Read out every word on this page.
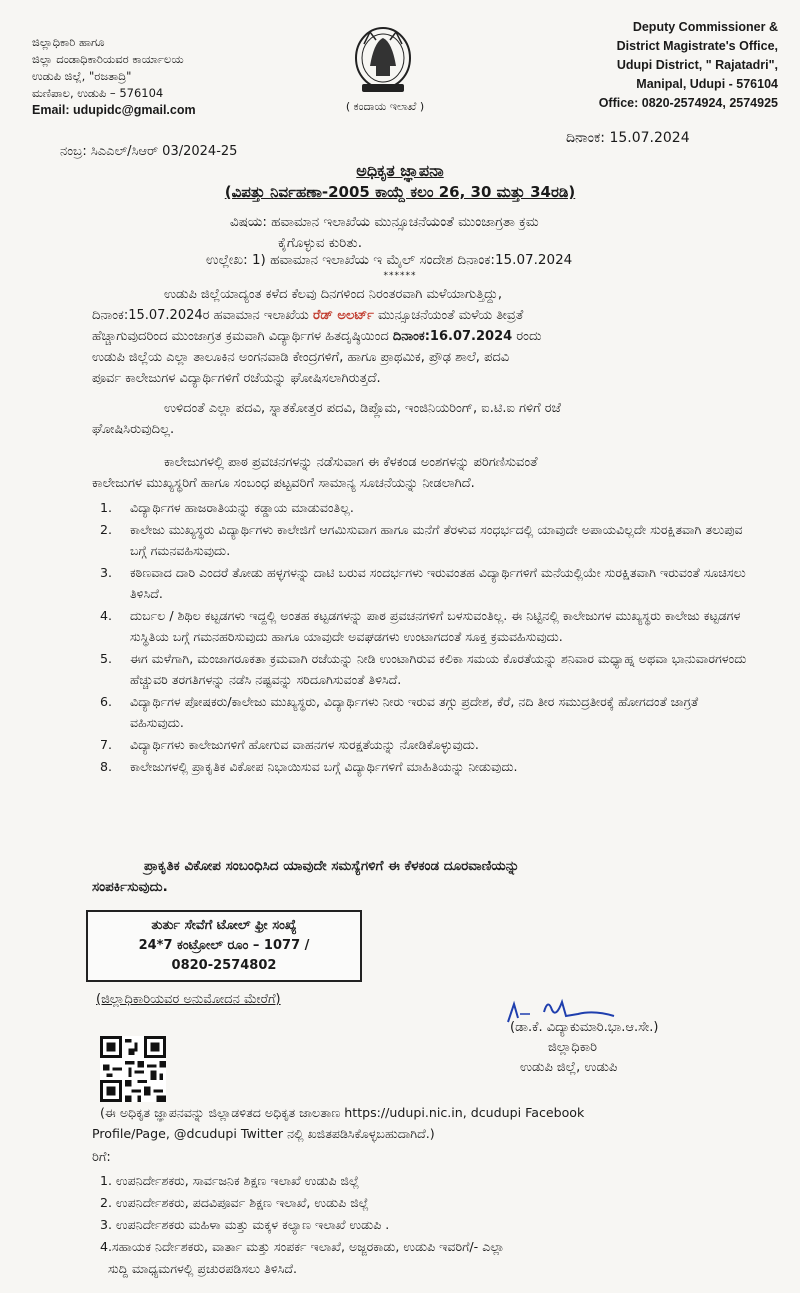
ಜಿಲ್ಲಾಧಿಕಾರಿ ಹಾಗೂ
ಜಿಲ್ಲಾ ದಂಡಾಧಿಕಾರಿಯವರ ಕಾರ್ಯಾಲಯ
ಉಡುಪಿ ಜಿಲ್ಲೆ, "ರಜತಾದ್ರಿ"
ಮಣಿಪಾಲ, ಉಡುಪಿ – 576104
Email: udupidc@gmail.com	( ಕಂದಾಯ ಇಲಾಖೆ )
Deputy Commissioner &
District Magistrate's Office,
Udupi District, " Rajatadri",
Manipal, Udupi - 576104
Office: 0820-2574924, 2574925
ದಿನಾಂಕ: 15.07.2024
ನಂಬ್ರ: ಸಿಎಎಲ್/ಸಿಆರ್ 03/2024-25
ಅಧಿಕೃತ ಜ್ಞಾಪನಾ
(ವಿಪತ್ತು ನಿರ್ವಹಣಾ-2005 ಕಾಯ್ದೆ ಕಲಂ 26, 30 ಮತ್ತು 34ರಡಿ)
ವಿಷಯ: ಹವಾಮಾನ ಇಲಾಖೆಯ ಮುನ್ಸೂಚನೆಯಂತೆ ಮುಂಜಾಗ್ರತಾ ಕ್ರಮ
ಕೈಗೊಳ್ಳುವ ಕುರಿತು.
ಉಲ್ಲೇಖ: 1) ಹವಾಮಾನ ಇಲಾಖೆಯ ಇ ಮೈಲ್ ಸಂದೇಶ ದಿನಾಂಕ:15.07.2024
******
ಉಡುಪಿ ಜಿಲ್ಲೆಯಾದ್ಯಂತ ಕಳೆದ ಕೆಲವು ದಿನಗಳಿಂದ ನಿರಂತರವಾಗಿ ಮಳೆಯಾಗುತ್ತಿದ್ದು,
ದಿನಾಂಕ:15.07.2024ರ ಹವಾಮಾನ ಇಲಾಖೆಯ ರೆಡ್ ಅಲರ್ಟ್ ಮುನ್ಸೂಚನೆಯಂತೆ ಮಳೆಯ ತೀವ್ರತೆ
ಹೆಚ್ಚಾಗುವುದರಿಂದ ಮುಂಜಾಗ್ರತ ಕ್ರಮವಾಗಿ ವಿದ್ಯಾರ್ಥಿಗಳ ಹಿತದೃಷ್ಠಿಯಿಂದ ದಿನಾಂಕ:16.07.2024 ರಂದು
ಉಡುಪಿ ಜಿಲ್ಲೆಯ ಎಲ್ಲಾ ತಾಲೂಕಿನ ಅಂಗನವಾಡಿ ಕೇಂದ್ರಗಳಿಗೆ, ಹಾಗೂ ಪ್ರಾಥಮಿಕ, ಪ್ರೌಢ ಶಾಲೆ, ಪದವಿ
ಪೂರ್ವ ಕಾಲೇಜುಗಳ ವಿದ್ಯಾರ್ಥಿಗಳಿಗೆ ರಜೆಯನ್ನು ಘೋಷಿಸಲಾಗಿರುತ್ತದೆ.
ಉಳಿದಂತೆ ಎಲ್ಲಾ ಪದವಿ, ಸ್ನಾತಕೋತ್ತರ ಪದವಿ, ಡಿಪ್ಲೊಮ, ಇಂಜಿನಿಯರಿಂಗ್, ಐ.ಟಿ.ಐ ಗಳಿಗೆ ರಜೆ
ಘೋಷಿಸಿರುವುದಿಲ್ಲ.
ಕಾಲೇಜುಗಳಲ್ಲಿ ಪಾಠ ಪ್ರವಚನಗಳನ್ನು ನಡೆಸುವಾಗ ಈ ಕೆಳಕಂಡ ಅಂಶಗಳನ್ನು ಪರಿಗಣಿಸುವಂತೆ
ಕಾಲೇಜುಗಳ ಮುಖ್ಯಸ್ಥರಿಗೆ ಹಾಗೂ ಸಂಬಂಧ ಪಟ್ಟವರಿಗೆ ಸಾಮಾನ್ಯ ಸೂಚನೆಯನ್ನು ನೀಡಲಾಗಿದೆ.
1.	ವಿದ್ಯಾರ್ಥಿಗಳ ಹಾಜರಾತಿಯನ್ನು ಕಡ್ಡಾಯ ಮಾಡುವಂತಿಲ್ಲ.
2.	ಕಾಲೇಜು ಮುಖ್ಯಸ್ಥರು ವಿದ್ಯಾರ್ಥಿಗಳು ಕಾಲೇಜಿಗೆ ಆಗಮಿಸುವಾಗ ಹಾಗೂ ಮನೆಗೆ ತೆರಳುವ ಸಂಧರ್ಭದಲ್ಲಿ ಯಾವುದೇ ಅಪಾಯವಿಲ್ಲದೇ ಸುರಕ್ಷಿತವಾಗಿ ತಲುಪುವ ಬಗ್ಗೆ ಗಮನವಹಿಸುವುದು.
3.	ಕಠಿಣವಾದ ದಾರಿ ಎಂದರೆ ತೋಡು ಹಳ್ಳಗಳನ್ನು ದಾಟಿ ಬರುವ ಸಂದರ್ಭಗಳು ಇರುವಂತಹ ವಿದ್ಯಾರ್ಥಿಗಳಿಗೆ ಮನೆಯಲ್ಲಿಯೇ ಸುರಕ್ಷಿತವಾಗಿ ಇರುವಂತೆ ಸೂಚಿಸಲು ತಿಳಿಸಿದೆ.
4.	ದುರ್ಬಲ / ಶಿಥಿಲ ಕಟ್ಟಡಗಳು ಇದ್ದಲ್ಲಿ ಅಂತಹ ಕಟ್ಟಡಗಳನ್ನು ಪಾಠ ಪ್ರವಚನಗಳಿಗೆ ಬಳಸುವಂತಿಲ್ಲ. ಈ ನಿಟ್ಟಿನಲ್ಲಿ ಕಾಲೇಜುಗಳ ಮುಖ್ಯಸ್ಥರು ಕಾಲೇಜು ಕಟ್ಟಡಗಳ ಸುಸ್ಥಿತಿಯ ಬಗ್ಗೆ ಗಮನಹರಿಸುವುದು ಹಾಗೂ ಯಾವುದೇ ಅವಘಡಗಳು ಉಂಟಾಗದಂತೆ ಸೂಕ್ತ ಕ್ರಮವಹಿಸುವುದು.
5.	ಈಗ ಮಳೆಗಾಗಿ, ಮಂಜಾಗರೂಕತಾ ಕ್ರಮವಾಗಿ ರಜೆಯನ್ನು ನೀಡಿ ಉಂಟಾಗಿರುವ ಕಲಿಕಾ ಸಮಯ ಕೊರತೆಯನ್ನು ಶನಿವಾರ ಮಧ್ಯಾಹ್ನ ಅಥವಾ ಭಾನುವಾರಗಳಂದು ಹೆಚ್ಚುವರಿ ತರಗತಿಗಳನ್ನು ನಡೆಸಿ ನಷ್ಟವನ್ನು ಸರಿದೂಗಿಸುವಂತೆ ತಿಳಿಸಿದೆ.
6.	ವಿದ್ಯಾರ್ಥಿಗಳ ಪೋಷಕರು/ಕಾಲೇಜು ಮುಖ್ಯಸ್ಥರು, ವಿದ್ಯಾರ್ಥಿಗಳು ನೀರು ಇರುವ ತಗ್ಗು ಪ್ರದೇಶ, ಕೆರೆ, ನದಿ ತೀರ ಸಮುದ್ರತೀರಕ್ಕೆ ಹೋಗದಂತೆ ಜಾಗ್ರತೆ ವಹಿಸುವುದು.
7.	ವಿದ್ಯಾರ್ಥಿಗಳು ಕಾಲೇಜುಗಳಿಗೆ ಹೋಗುವ ವಾಹನಗಳ ಸುರಕ್ಷತೆಯನ್ನು ನೋಡಿಕೊಳ್ಳುವುದು.
8.	ಕಾಲೇಜುಗಳಲ್ಲಿ ಪ್ರಾಕೃತಿಕ ವಿಕೋಪ ನಿಭಾಯಿಸುವ ಬಗ್ಗೆ ವಿದ್ಯಾರ್ಥಿಗಳಿಗೆ ಮಾಹಿತಿಯನ್ನು ನೀಡುವುದು.
ಪ್ರಾಕೃತಿಕ ವಿಕೋಪ ಸಂಬಂಧಿಸಿದ ಯಾವುದೇ ಸಮಸ್ಯೆಗಳಿಗೆ ಈ ಕೆಳಕಂಡ ದೂರವಾಣಿಯನ್ನು
ಸಂಪರ್ಕಿಸುವುದು.
ತುರ್ತು ಸೇವೆಗೆ ಟೋಲ್ ಫ್ರೀ ಸಂಖ್ಯೆ
24*7 ಕಂಟ್ರೋಲ್ ರೂಂ – 1077 /
0820-2574802
(ಜಿಲ್ಲಾಧಿಕಾರಿಯವರ ಅನುಮೋದನ ಮೇರೆಗೆ)
(ಡಾ.ಕೆ. ವಿದ್ಯಾಕುಮಾರಿ.ಭಾ.ಆ.ಸೇ.)
ಜಿಲ್ಲಾಧಿಕಾರಿ
ಉಡುಪಿ ಜಿಲ್ಲೆ, ಉಡುಪಿ
(ಈ ಅಧಿಕೃತ ಜ್ಞಾಪನವನ್ನು ಜಿಲ್ಲಾಡಳಿತದ ಅಧಿಕೃತ ಜಾಲತಾಣ https://udupi.nic.in, dcudupi Facebook
Profile/Page, @dcudupi Twitter ನಲ್ಲಿ ಖಜಿತಪಡಿಸಿಕೊಳ್ಳಬಹುದಾಗಿದೆ.)
ರಿಗೆ:
1. ಉಪನಿರ್ದೇಶಕರು, ಸಾರ್ವಜನಿಕ ಶಿಕ್ಷಣ ಇಲಾಖೆ ಉಡುಪಿ ಜಿಲ್ಲೆ
2. ಉಪನಿರ್ದೇಶಕರು, ಪದವಿಪೂರ್ವ ಶಿಕ್ಷಣ ಇಲಾಖೆ, ಉಡುಪಿ ಜಿಲ್ಲೆ
3. ಉಪನಿರ್ದೇಶಕರು ಮಹಿಳಾ ಮತ್ತು ಮಕ್ಕಳ ಕಲ್ಯಾಣ ಇಲಾಖೆ ಉಡುಪಿ .
4.ಸಹಾಯಕ ನಿರ್ದೇಶಕರು, ವಾರ್ತಾ ಮತ್ತು ಸಂಪರ್ಕ ಇಲಾಖೆ, ಅಜ್ಜರಕಾಡು, ಉಡುಪಿ ಇವರಿಗೆ/- ಎಲ್ಲಾ
ಸುದ್ದಿ ಮಾಧ್ಯಮಗಳಲ್ಲಿ ಪ್ರಚುರಪಡಿಸಲು ತಿಳಿಸಿದೆ.
